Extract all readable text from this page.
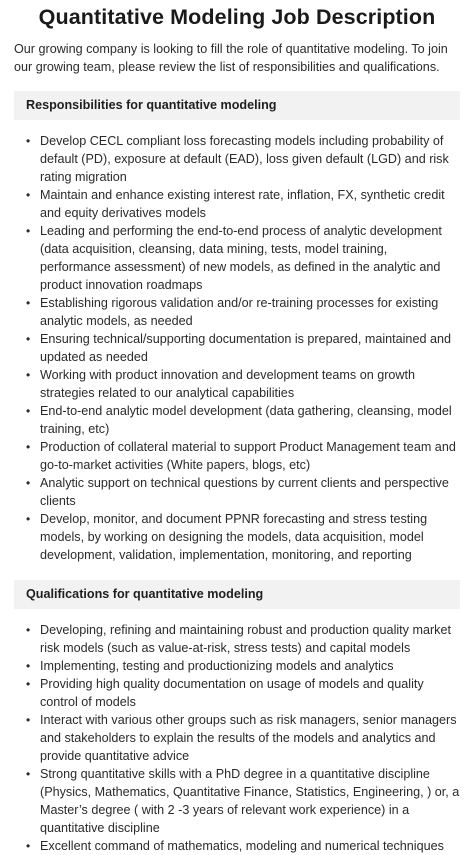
Quantitative Modeling Job Description

Our growing company is looking to fill the role of quantitative modeling. To join our growing team, please review the list of responsibilities and qualifications.

Responsibilities for quantitative modeling
• Develop CECL compliant loss forecasting models including probability of default (PD), exposure at default (EAD), loss given default (LGD) and risk rating migration
• Maintain and enhance existing interest rate, inflation, FX, synthetic credit and equity derivatives models
• Leading and performing the end-to-end process of analytic development (data acquisition, cleansing, data mining, tests, model training, performance assessment) of new models, as defined in the analytic and product innovation roadmaps
• Establishing rigorous validation and/or re-training processes for existing analytic models, as needed
• Ensuring technical/supporting documentation is prepared, maintained and updated as needed
• Working with product innovation and development teams on growth strategies related to our analytical capabilities
• End-to-end analytic model development (data gathering, cleansing, model training, etc)
• Production of collateral material to support Product Management team and go-to-market activities (White papers, blogs, etc)
• Analytic support on technical questions by current clients and perspective clients
• Develop, monitor, and document PPNR forecasting and stress testing models, by working on designing the models, data acquisition, model development, validation, implementation, monitoring, and reporting
Qualifications for quantitative modeling
• Developing, refining and maintaining robust and production quality market risk models (such as value-at-risk, stress tests) and capital models
• Implementing, testing and productionizing models and analytics
• Providing high quality documentation on usage of models and quality control of models
• Interact with various other groups such as risk managers, senior managers and stakeholders to explain the results of the models and analytics and provide quantitative advice
• Strong quantitative skills with a PhD degree in a quantitative discipline (Physics, Mathematics, Quantitative Finance, Statistics, Engineering, ) or, a Master’s degree ( with 2 -3 years of relevant work experience) in a quantitative discipline
• Excellent command of mathematics, modeling and numerical techniques
